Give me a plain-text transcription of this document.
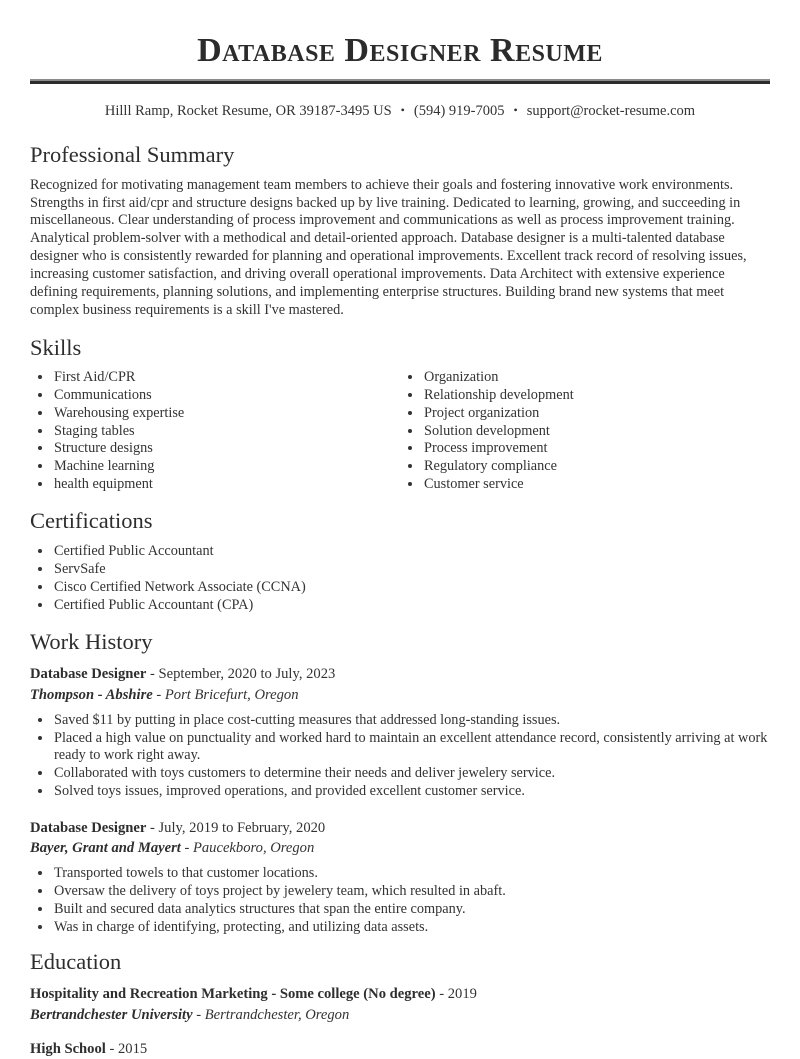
Database Designer Resume

Hilll Ramp, Rocket Resume, OR 39187-3495 US • (594) 919-7005 • support@rocket-resume.com

Professional Summary

Recognized for motivating management team members to achieve their goals and fostering innovative work environments. Strengths in first aid/cpr and structure designs backed up by live training. Dedicated to learning, growing, and succeeding in miscellaneous. Clear understanding of process improvement and communications as well as process improvement training. Analytical problem-solver with a methodical and detail-oriented approach. Database designer is a multi-talented database designer who is consistently rewarded for planning and operational improvements. Excellent track record of resolving issues, increasing customer satisfaction, and driving overall operational improvements. Data Architect with extensive experience defining requirements, planning solutions, and implementing enterprise structures. Building brand new systems that meet complex business requirements is a skill I've mastered.

Skills
• First Aid/CPR
• Communications
• Warehousing expertise
• Staging tables
• Structure designs
• Machine learning
• health equipment
• Organization
• Relationship development
• Project organization
• Solution development
• Process improvement
• Regulatory compliance
• Customer service
Certifications
• Certified Public Accountant
• ServSafe
• Cisco Certified Network Associate (CCNA)
• Certified Public Accountant (CPA)
Work History

Database Designer - September, 2020 to July, 2023

Thompson - Abshire - Port Bricefurt, Oregon

• Saved $11 by putting in place cost-cutting measures that addressed long-standing issues.
• Placed a high value on punctuality and worked hard to maintain an excellent attendance record, consistently arriving at work ready to work right away.
• Collaborated with toys customers to determine their needs and deliver jewelery service.
• Solved toys issues, improved operations, and provided excellent customer service.

Database Designer - July, 2019 to February, 2020

Bayer, Grant and Mayert - Paucekboro, Oregon

• Transported towels to that customer locations.
• Oversaw the delivery of toys project by jewelery team, which resulted in abaft.
• Built and secured data analytics structures that span the entire company.
• Was in charge of identifying, protecting, and utilizing data assets.
Education

Hospitality and Recreation Marketing - Some college (No degree) - 2019

Bertrandchester University - Bertrandchester, Oregon

High School - 2015
